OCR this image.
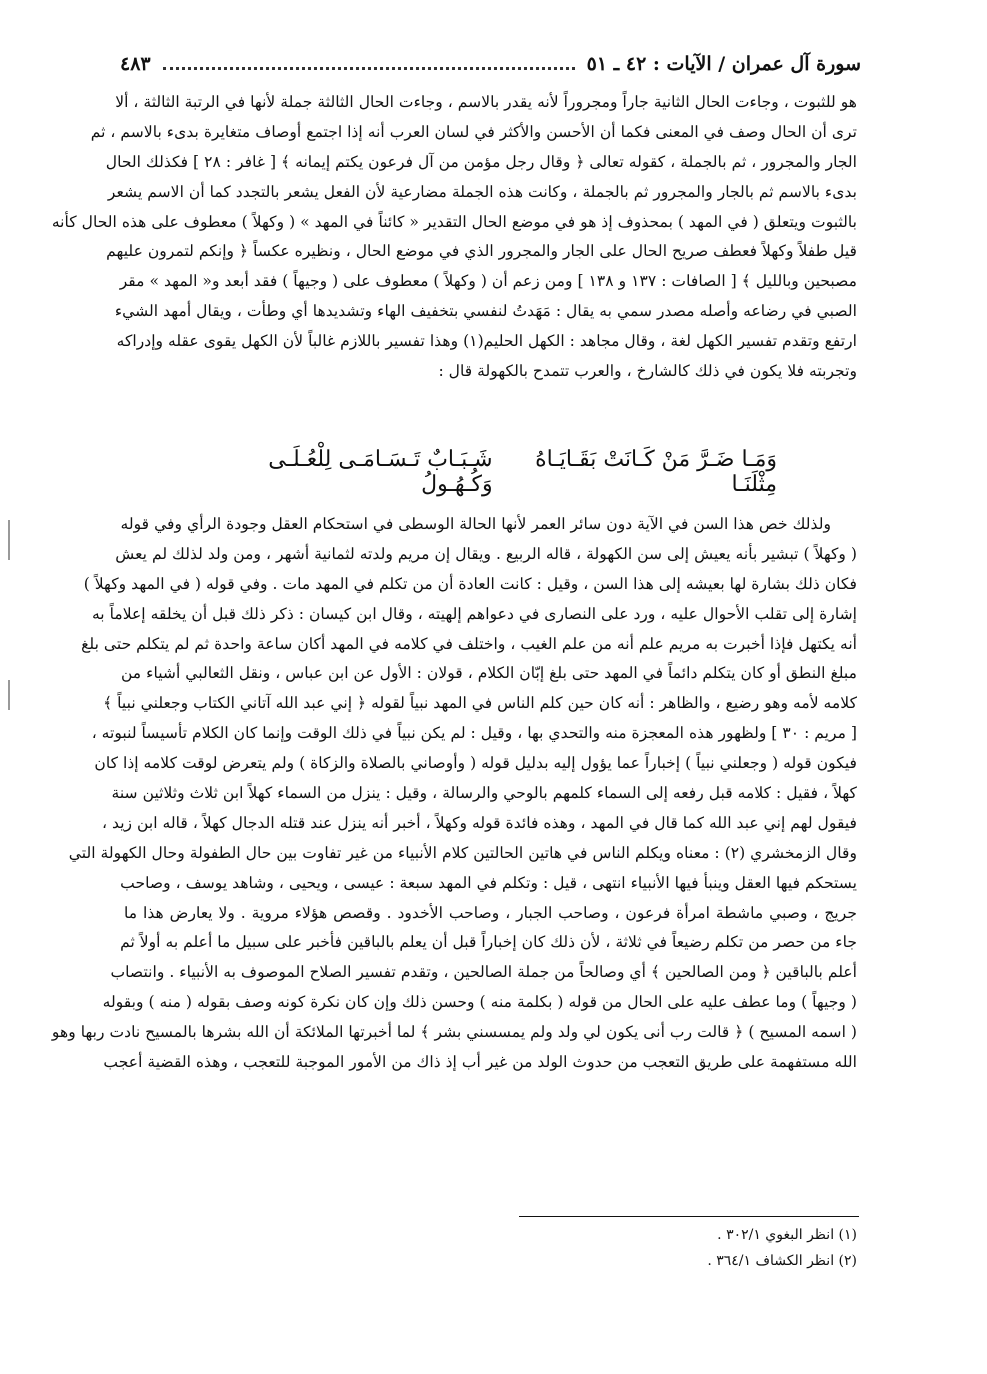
سورة آل عمران / الآيات : ٤٢ ـ ٥١
٤٨٣
هو للثبوت ، وجاءت الحال الثانية جاراً ومجروراً لأنه يقدر بالاسم ، وجاءت الحال الثالثة جملة لأنها في الرتبة الثالثة ، ألا
ترى أن الحال وصف في المعنى فكما أن الأحسن والأكثر في لسان العرب أنه إذا اجتمع أوصاف متغايرة بدىء بالاسم ، ثم
الجار والمجرور ، ثم بالجملة ، كقوله تعالى ﴿ وقال رجل مؤمن من آل فرعون يكتم إيمانه ﴾ [ غافر : ٢٨ ] فكذلك الحال
بدىء بالاسم ثم بالجار والمجرور ثم بالجملة ، وكانت هذه الجملة مضارعية لأن الفعل يشعر بالتجدد كما أن الاسم يشعر
بالثبوت ويتعلق ( في المهد ) بمحذوف إذ هو في موضع الحال التقدير « كائناً في المهد » ( وكهلاً ) معطوف على هذه الحال كأنه
قيل طفلاً وكهلاً فعطف صريح الحال على الجار والمجرور الذي في موضع الحال ، ونظيره عكساً ﴿ وإنكم لتمرون عليهم
مصبحين وبالليل ﴾ [ الصافات : ١٣٧ و ١٣٨ ] ومن زعم أن ( وكهلاً ) معطوف على ( وجيهاً ) فقد أبعد و« المهد » مقر
الصبي في رضاعه وأصله مصدر سمي به يقال : مَهَدتُ لنفسي بتخفيف الهاء وتشديدها أي وطأت ، ويقال أمهد الشيء
ارتفع وتقدم تفسير الكهل لغة ، وقال مجاهد : الكهل الحليم(١) وهذا تفسير باللازم غالباً لأن الكهل يقوى عقله وإدراكه
وتجربته فلا يكون في ذلك كالشارخ ، والعرب تتمدح بالكهولة قال :
وَمَـا ضَـرَّ مَنْ كَـانَتْ بَقَـايَـاهُ مِثْلَنَـا
شَـبَـابٌ تَـسَـامَـى لِلْعُـلَـى وَكُـهُـولُ
ولذلك خص هذا السن في الآية دون سائر العمر لأنها الحالة الوسطى في استحكام العقل وجودة الرأي وفي قوله
( وكهلاً ) تبشير بأنه يعيش إلى سن الكهولة ، قاله الربيع . ويقال إن مريم ولدته لثمانية أشهر ، ومن ولد لذلك لم يعش
فكان ذلك بشارة لها بعيشه إلى هذا السن ، وقيل : كانت العادة أن من تكلم في المهد مات . وفي قوله ( في المهد وكهلاً )
إشارة إلى تقلب الأحوال عليه ، ورد على النصارى في دعواهم إلهيته ، وقال ابن كيسان : ذكر ذلك قبل أن يخلقه إعلاماً به
أنه يكتهل فإذا أخبرت به مريم علم أنه من علم الغيب ، واختلف في كلامه في المهد أكان ساعة واحدة ثم لم يتكلم حتى بلغ
مبلغ النطق أو كان يتكلم دائماً في المهد حتى بلغ إبّان الكلام ، قولان : الأول عن ابن عباس ، ونقل الثعالبي أشياء من
كلامه لأمه وهو رضيع ، والظاهر : أنه كان حين كلم الناس في المهد نبياً لقوله ﴿ إني عبد الله آتاني الكتاب وجعلني نبياً ﴾
[ مريم : ٣٠ ] ولظهور هذه المعجزة منه والتحدي بها ، وقيل : لم يكن نبياً في ذلك الوقت وإنما كان الكلام تأسيساً لنبوته ،
فيكون قوله ( وجعلني نبياً ) إخباراً عما يؤول إليه بدليل قوله ( وأوصاني بالصلاة والزكاة ) ولم يتعرض لوقت كلامه إذا كان
كهلاً ، فقيل : كلامه قبل رفعه إلى السماء كلمهم بالوحي والرسالة ، وقيل : ينزل من السماء كهلاً ابن ثلاث وثلاثين سنة
فيقول لهم إني عبد الله كما قال في المهد ، وهذه فائدة قوله وكهلاً ، أخبر أنه ينزل عند قتله الدجال كهلاً ، قاله ابن زيد ،
وقال الزمخشري (٢) : معناه ويكلم الناس في هاتين الحالتين كلام الأنبياء من غير تفاوت بين حال الطفولة وحال الكهولة التي
يستحكم فيها العقل وينبأ فيها الأنبياء انتهى ، قيل : وتكلم في المهد سبعة : عيسى ، ويحيى ، وشاهد يوسف ، وصاحب
جريج ، وصبي ماشطة امرأة فرعون ، وصاحب الجبار ، وصاحب الأخدود . وقصص هؤلاء مروية . ولا يعارض هذا ما
جاء من حصر من تكلم رضيعاً في ثلاثة ، لأن ذلك كان إخباراً قبل أن يعلم بالباقين فأخبر على سبيل ما أعلم به أولاً ثم
أعلم بالباقين ﴿ ومن الصالحين ﴾ أي وصالحاً من جملة الصالحين ، وتقدم تفسير الصلاح الموصوف به الأنبياء . وانتصاب
( وجيهاً ) وما عطف عليه على الحال من قوله ( بكلمة منه ) وحسن ذلك وإن كان نكرة كونه وصف بقوله ( منه ) وبقوله
( اسمه المسيح ) ﴿ قالت رب أنى يكون لي ولد ولم يمسسني بشر ﴾ لما أخبرتها الملائكة أن الله بشرها بالمسيح نادت ربها وهو
الله مستفهمة على طريق التعجب من حدوث الولد من غير أب إذ ذاك من الأمور الموجبة للتعجب ، وهذه القضية أعجب
(١) انظر البغوي ٣٠٢/١ .
(٢) انظر الكشاف ٣٦٤/١ .
